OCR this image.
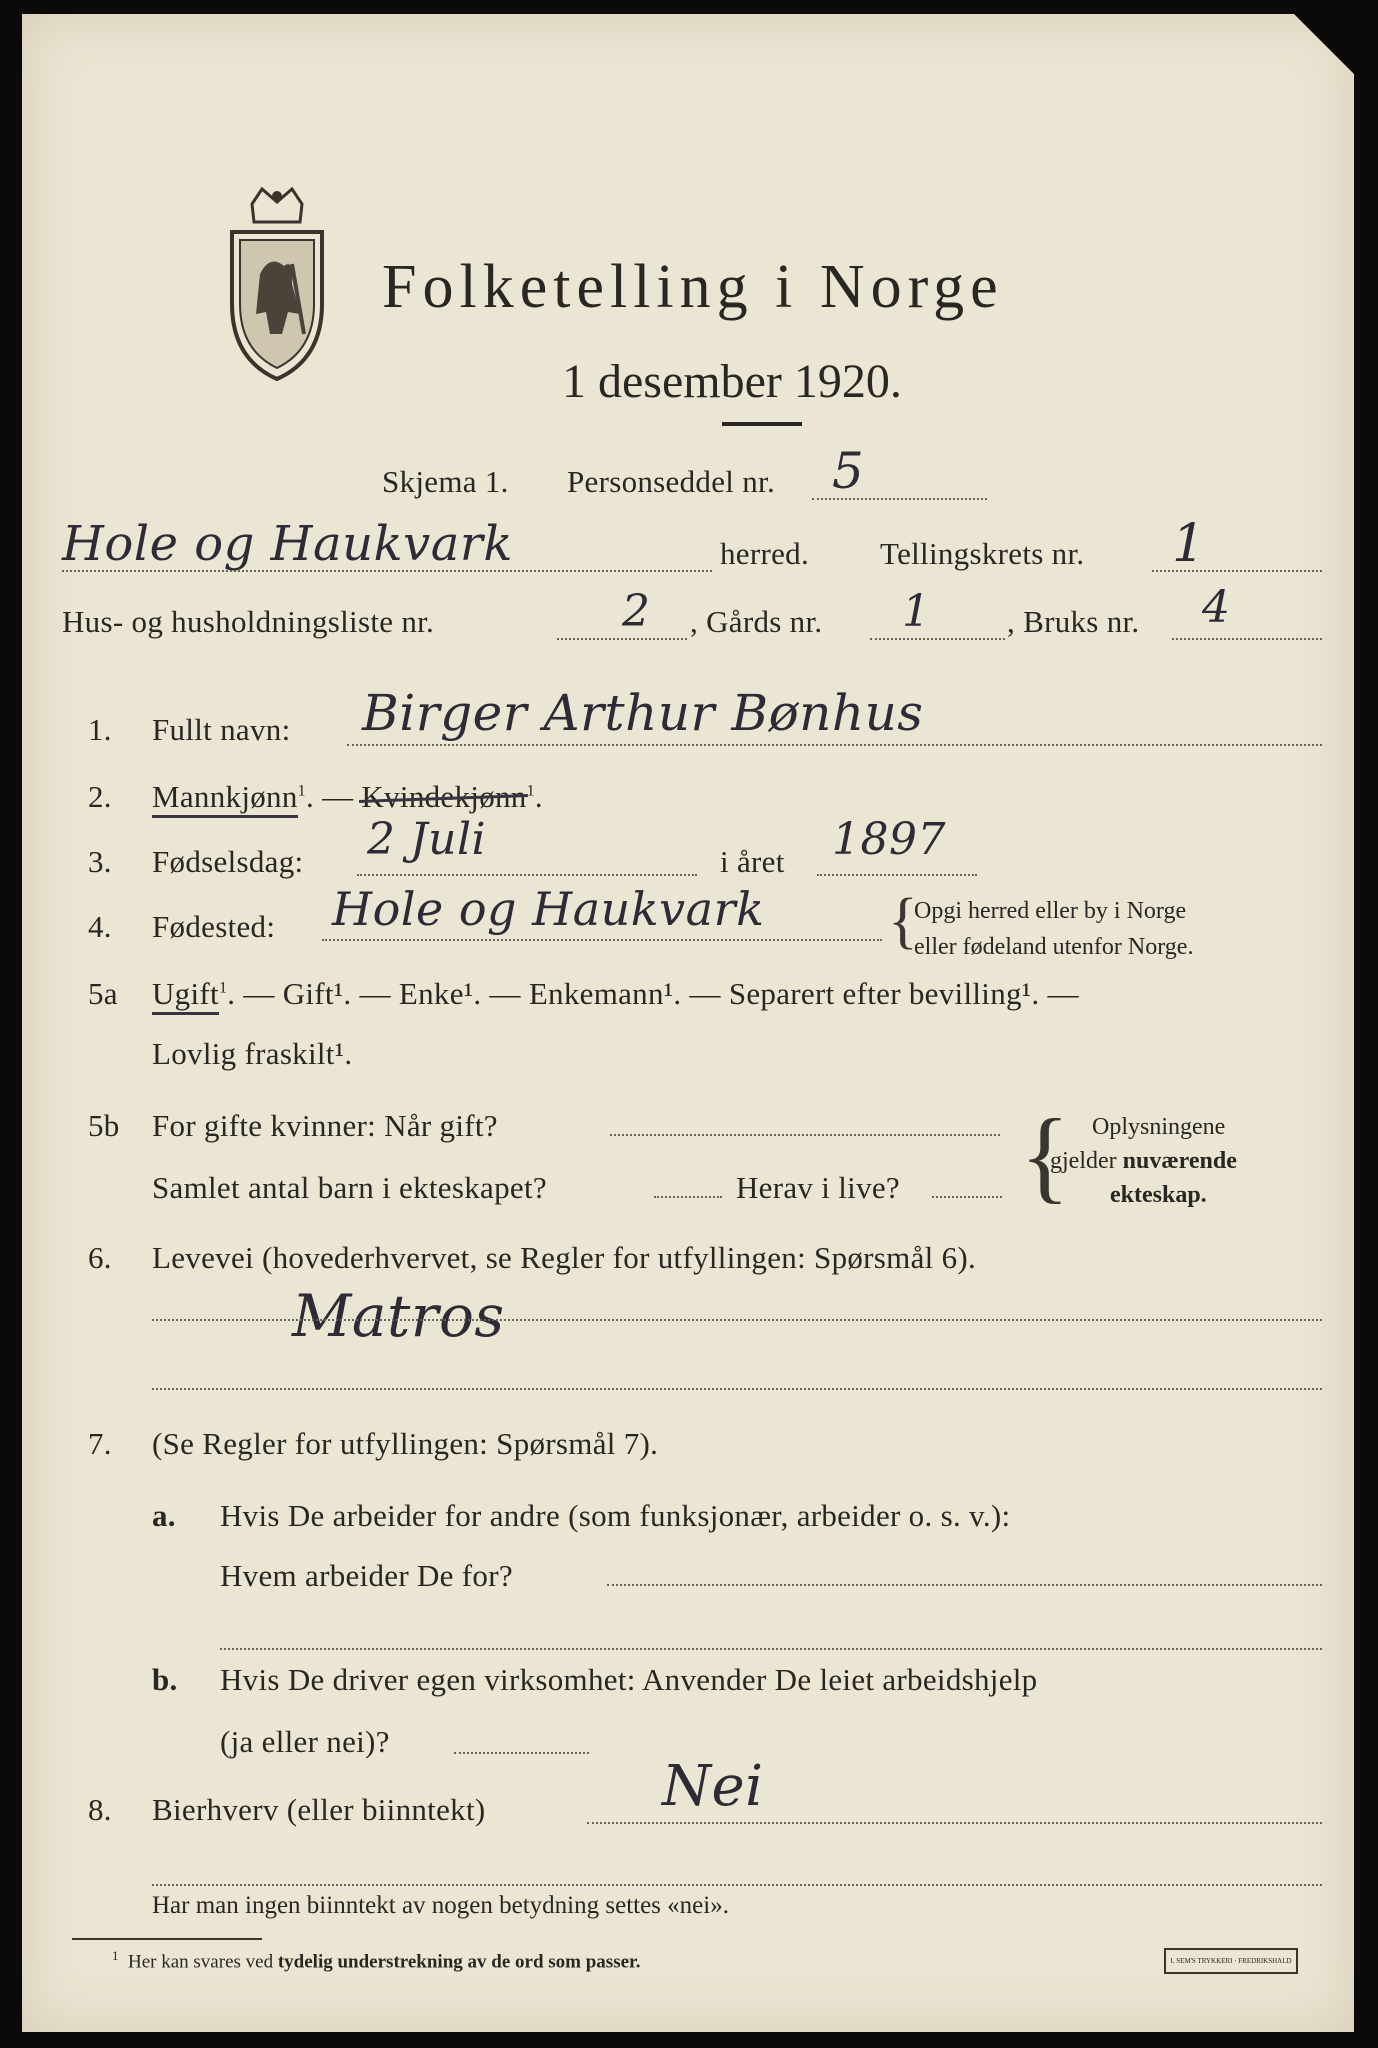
Folketelling i Norge
1 desember 1920.
Skjema 1. Personseddel nr. 5
Hole og Haukvark	herred. Tellingskrets nr. 1
Hus- og husholdningsliste nr.	2 , Gårds nr. 1 , Bruks nr. 4
1. Fullt navn: Birger Arthur Bønhus
2. Mannkjønn$^1$. — Kvindekjønn$^1$.
3. Fødselsdag: 2 Juli	i året 1897
4. Fødested: Hole og Haukvark {
Opgi herred eller by i Norge
eller fødeland utenfor Norge.
5a Ugift$^1$. — Gift¹. — Enke¹. — Enkemann¹. — Separert efter bevilling¹. —
Lovlig fraskilt¹.
5b For gifte kvinner: Når gift?
Samlet antal barn i ekteskapet?	Herav i live? { Oplysningene
gjelder nuværende
ekteskap.
6. Levevei (hovederhvervet, se Regler for utfyllingen: Spørsmål 6).
Matros
7. (Se Regler for utfyllingen: Spørsmål 7).
a. Hvis De arbeider for andre (som funksjonær, arbeider o. s. v.):
Hvem arbeider De for?
b. Hvis De driver egen virksomhet: Anvender De leiet arbeidshjelp
(ja eller nei)?
8. Bierhverv (eller biinntekt)	Nei
Har man ingen biinntekt av nogen betydning settes «nei».
$^1$ Her kan svares ved tydelig understrekning av de ord som passer.	I. SEM'S TRYKKERI · FREDRIKSHALD
